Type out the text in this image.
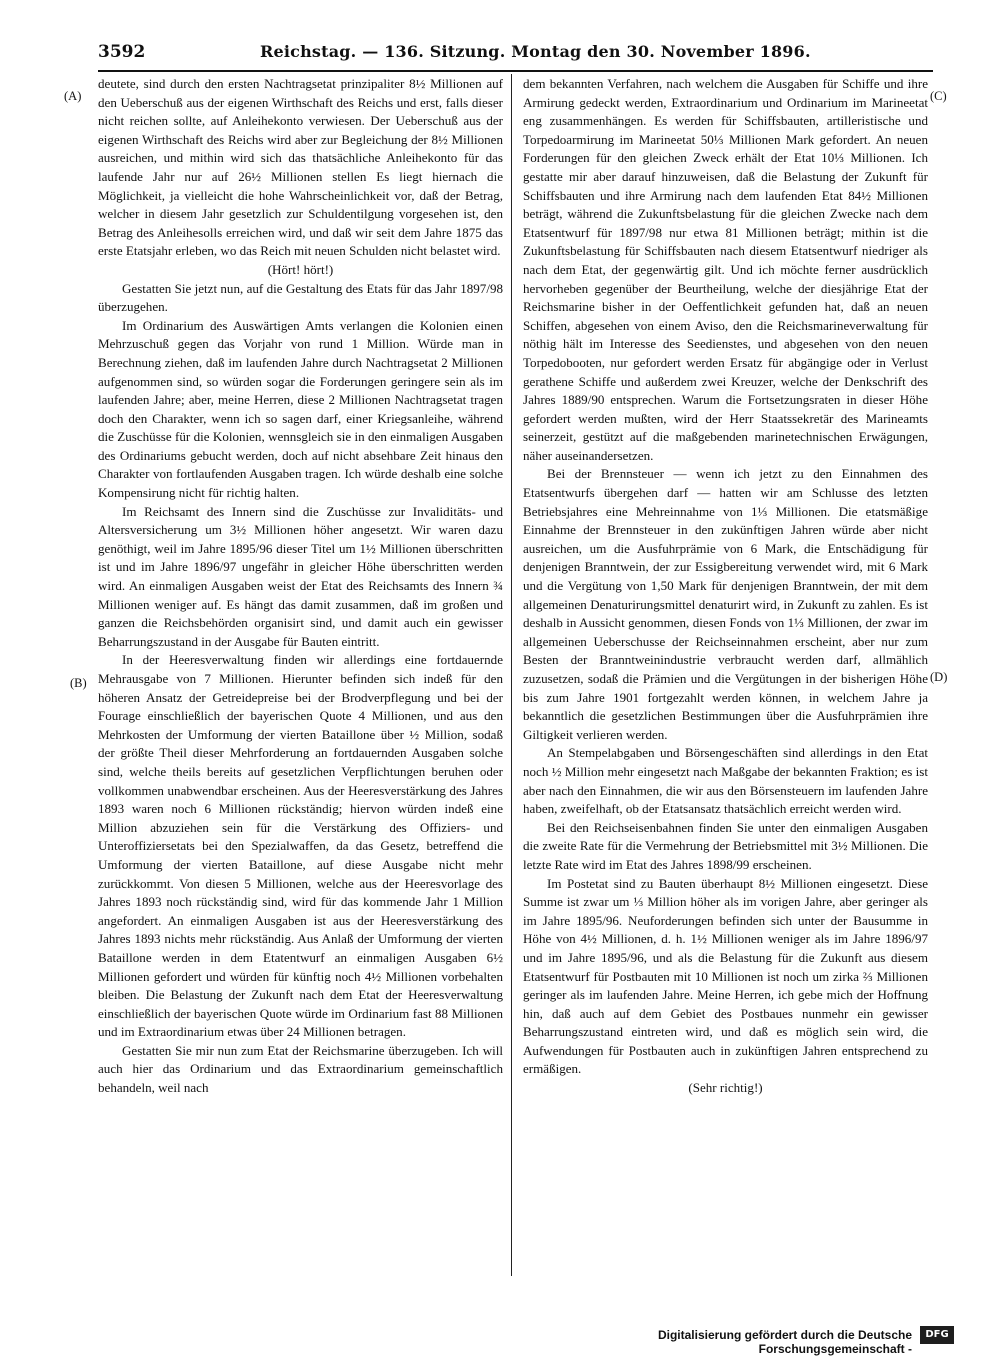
3592	Reichstag. — 136. Sitzung. Montag den 30. November 1896.
(A)
(B)
(C)
(D)

deutete, sind durch den ersten Nachtragsetat prinzipaliter 8½ Millionen auf den Ueberschuß aus der eigenen Wirthschaft des Reichs und erst, falls dieser nicht reichen sollte, auf Anleihekonto verwiesen. Der Ueberschuß aus der eigenen Wirthschaft des Reichs wird aber zur Begleichung der 8½ Millionen ausreichen, und mithin wird sich das thatsächliche Anleihekonto für das laufende Jahr nur auf 26½ Millionen stellen Es liegt hiernach die Möglichkeit, ja vielleicht die hohe Wahrscheinlichkeit vor, daß der Betrag, welcher in diesem Jahr gesetzlich zur Schuldentilgung vorgesehen ist, den Betrag des Anleihesolls erreichen wird, und daß wir seit dem Jahre 1875 das erste Etatsjahr erleben, wo das Reich mit neuen Schulden nicht belastet wird.

(Hört! hört!)

Gestatten Sie jetzt nun, auf die Gestaltung des Etats für das Jahr 1897/98 überzugehen.

Im Ordinarium des Auswärtigen Amts verlangen die Kolonien einen Mehrzuschuß gegen das Vorjahr von rund 1 Million. Würde man in Berechnung ziehen, daß im laufenden Jahre durch Nachtragsetat 2 Millionen aufgenommen sind, so würden sogar die Forderungen geringere sein als im laufenden Jahre; aber, meine Herren, diese 2 Millionen Nachtragsetat tragen doch den Charakter, wenn ich so sagen darf, einer Kriegsanleihe, während die Zuschüsse für die Kolonien, wennsgleich sie in den einmaligen Ausgaben des Ordinariums gebucht werden, doch auf nicht absehbare Zeit hinaus den Charakter von fortlaufenden Ausgaben tragen. Ich würde deshalb eine solche Kompensirung nicht für richtig halten.

Im Reichsamt des Innern sind die Zuschüsse zur Invaliditäts- und Altersversicherung um 3½ Millionen höher angesetzt. Wir waren dazu genöthigt, weil im Jahre 1895/96 dieser Titel um 1½ Millionen überschritten ist und im Jahre 1896/97 ungefähr in gleicher Höhe überschritten werden wird. An einmaligen Ausgaben weist der Etat des Reichsamts des Innern ¾ Millionen weniger auf. Es hängt das damit zusammen, daß im großen und ganzen die Reichsbehörden organisirt sind, und damit auch ein gewisser Beharrungszustand in der Ausgabe für Bauten eintritt.

In der Heeresverwaltung finden wir allerdings eine fortdauernde Mehrausgabe von 7 Millionen. Hierunter befinden sich indeß für den höheren Ansatz der Getreidepreise bei der Brodverpflegung und bei der Fourage einschließlich der bayerischen Quote 4 Millionen, und aus den Mehrkosten der Umformung der vierten Bataillone über ½ Million, sodaß der größte Theil dieser Mehrforderung an fortdauernden Ausgaben solche sind, welche theils bereits auf gesetzlichen Verpflichtungen beruhen oder vollkommen unabwendbar erscheinen. Aus der Heeresverstärkung des Jahres 1893 waren noch 6 Millionen rückständig; hiervon würden indeß eine Million abzuziehen sein für die Verstärkung des Offiziers- und Unteroffiziersetats bei den Spezialwaffen, da das Gesetz, betreffend die Umformung der vierten Bataillone, auf diese Ausgabe nicht mehr zurückkommt. Von diesen 5 Millionen, welche aus der Heeresvorlage des Jahres 1893 noch rückständig sind, wird für das kommende Jahr 1 Million angefordert. An einmaligen Ausgaben ist aus der Heeresverstärkung des Jahres 1893 nichts mehr rückständig. Aus Anlaß der Umformung der vierten Bataillone werden in dem Etatentwurf an einmaligen Ausgaben 6½ Millionen gefordert und würden für künftig noch 4½ Millionen vorbehalten bleiben. Die Belastung der Zukunft nach dem Etat der Heeresverwaltung einschließlich der bayerischen Quote würde im Ordinarium fast 88 Millionen und im Extraordinarium etwas über 24 Millionen betragen.

Gestatten Sie mir nun zum Etat der Reichsmarine überzugeben. Ich will auch hier das Ordinarium und das Extraordinarium gemeinschaftlich behandeln, weil nach

dem bekannten Verfahren, nach welchem die Ausgaben für Schiffe und ihre Armirung gedeckt werden, Extraordinarium und Ordinarium im Marineetat eng zusammenhängen. Es werden für Schiffsbauten, artilleristische und Torpedoarmirung im Marineetat 50⅓ Millionen Mark gefordert. An neuen Forderungen für den gleichen Zweck erhält der Etat 10⅓ Millionen. Ich gestatte mir aber darauf hinzuweisen, daß die Belastung der Zukunft für Schiffsbauten und ihre Armirung nach dem laufenden Etat 84½ Millionen beträgt, während die Zukunftsbelastung für die gleichen Zwecke nach dem Etatsentwurf für 1897/98 nur etwa 81 Millionen beträgt; mithin ist die Zukunftsbelastung für Schiffsbauten nach diesem Etatsentwurf niedriger als nach dem Etat, der gegenwärtig gilt. Und ich möchte ferner ausdrücklich hervorheben gegenüber der Beurtheilung, welche der diesjährige Etat der Reichsmarine bisher in der Oeffentlichkeit gefunden hat, daß an neuen Schiffen, abgesehen von einem Aviso, den die Reichsmarineverwaltung für nöthig hält im Interesse des Seedienstes, und abgesehen von den neuen Torpedobooten, nur gefordert werden Ersatz für abgängige oder in Verlust gerathene Schiffe und außerdem zwei Kreuzer, welche der Denkschrift des Jahres 1889/90 entsprechen. Warum die Fortsetzungsraten in dieser Höhe gefordert werden mußten, wird der Herr Staatssekretär des Marineamts seinerzeit, gestützt auf die maßgebenden marinetechnischen Erwägungen, näher auseinandersetzen.

Bei der Brennsteuer — wenn ich jetzt zu den Einnahmen des Etatsentwurfs übergehen darf — hatten wir am Schlusse des letzten Betriebsjahres eine Mehreinnahme von 1⅓ Millionen. Die etatsmäßige Einnahme der Brennsteuer in den zukünftigen Jahren würde aber nicht ausreichen, um die Ausfuhrprämie von 6 Mark, die Entschädigung für denjenigen Branntwein, der zur Essigbereitung verwendet wird, mit 6 Mark und die Vergütung von 1,50 Mark für denjenigen Branntwein, der mit dem allgemeinen Denaturirungsmittel denaturirt wird, in Zukunft zu zahlen. Es ist deshalb in Aussicht genommen, diesen Fonds von 1⅓ Millionen, der zwar im allgemeinen Ueberschusse der Reichseinnahmen erscheint, aber nur zum Besten der Branntweinindustrie verbraucht werden darf, allmählich zuzusetzen, sodaß die Prämien und die Vergütungen in der bisherigen Höhe bis zum Jahre 1901 fortgezahlt werden können, in welchem Jahre ja bekanntlich die gesetzlichen Bestimmungen über die Ausfuhrprämien ihre Giltigkeit verlieren werden.

An Stempelabgaben und Börsengeschäften sind allerdings in den Etat noch ½ Million mehr eingesetzt nach Maßgabe der bekannten Fraktion; es ist aber nach den Einnahmen, die wir aus den Börsensteuern im laufenden Jahre haben, zweifelhaft, ob der Etatsansatz thatsächlich erreicht werden wird.

Bei den Reichseisenbahnen finden Sie unter den einmaligen Ausgaben die zweite Rate für die Vermehrung der Betriebsmittel mit 3½ Millionen. Die letzte Rate wird im Etat des Jahres 1898/99 erscheinen.

Im Postetat sind zu Bauten überhaupt 8½ Millionen eingesetzt. Diese Summe ist zwar um ⅓ Million höher als im vorigen Jahre, aber geringer als im Jahre 1895/96. Neuforderungen befinden sich unter der Bausumme in Höhe von 4½ Millionen, d. h. 1½ Millionen weniger als im Jahre 1896/97 und im Jahre 1895/96, und als die Belastung für die Zukunft aus diesem Etatsentwurf für Postbauten mit 10 Millionen ist noch um zirka ⅔ Millionen geringer als im laufenden Jahre. Meine Herren, ich gebe mich der Hoffnung hin, daß auch auf dem Gebiet des Postbaues nunmehr ein gewisser Beharrungszustand eintreten wird, und daß es möglich sein wird, die Aufwendungen für Postbauten auch in zukünftigen Jahren entsprechend zu ermäßigen.

(Sehr richtig!)

Digitalisierung gefördert durch die Deutsche Forschungsgemeinschaft -
DFG
